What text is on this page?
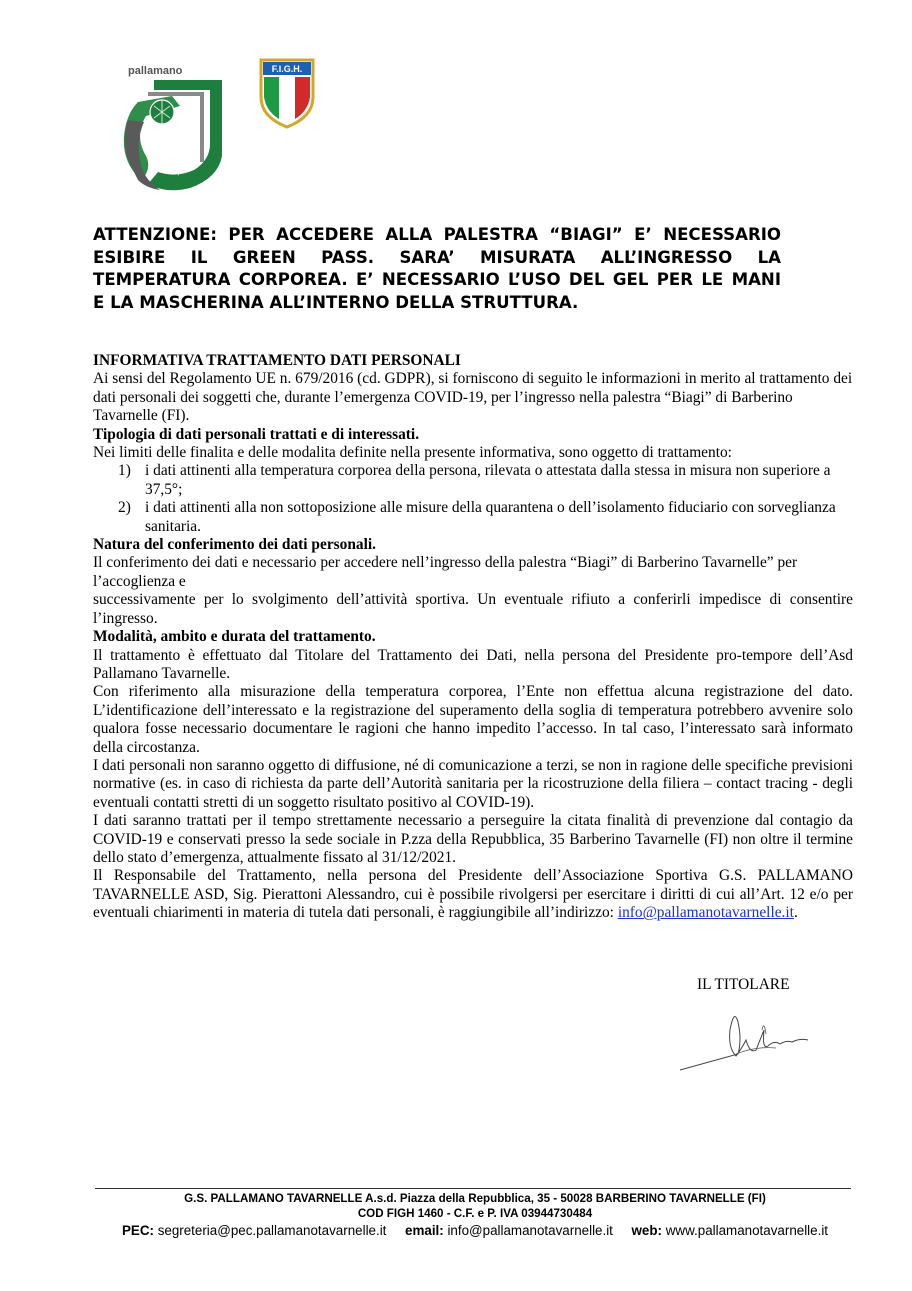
pallamano
TAVARNELLE
1983
F.I.G.H.
ATTENZIONE: PER ACCEDERE ALLA PALESTRA “BIAGI” E’ NECESSARIO
ESIBIRE IL GREEN PASS. SARA’ MISURATA ALL’INGRESSO LA
TEMPERATURA CORPOREA. E’ NECESSARIO L’USO DEL GEL PER LE MANI
E LA MASCHERINA ALL’INTERNO DELLA STRUTTURA.

INFORMATIVA TRATTAMENTO DATI PERSONALI

Ai sensi del Regolamento UE n. 679/2016 (cd. GDPR), si forniscono di seguito le informazioni in merito al trattamento dei dati personali dei soggetti che, durante l’emergenza COVID-19, per l’ingresso nella palestra “Biagi” di Barberino Tavarnelle (FI).

Tipologia di dati personali trattati e di interessati.

Nei limiti delle finalita e delle modalita definite nella presente informativa, sono oggetto di trattamento:

1) i dati attinenti alla temperatura corporea della persona, rilevata o attestata dalla stessa in misura non superiore a 37,5°;
2) i dati attinenti alla non sottoposizione alle misure della quarantena o dell’isolamento fiduciario con sorveglianza sanitaria.

Natura del conferimento dei dati personali.

Il conferimento dei dati e necessario per accedere nell’ingresso della palestra “Biagi” di Barberino Tavarnelle” per l’accoglienza e

successivamente per lo svolgimento dell’attività sportiva. Un eventuale rifiuto a conferirli impedisce di consentire l’ingresso.

Modalità, ambito e durata del trattamento.

Il trattamento è effettuato dal Titolare del Trattamento dei Dati, nella persona del Presidente pro-tempore dell’Asd Pallamano Tavarnelle.

Con riferimento alla misurazione della temperatura corporea, l’Ente non effettua alcuna registrazione del dato. L’identificazione dell’interessato e la registrazione del superamento della soglia di temperatura potrebbero avvenire solo qualora fosse necessario documentare le ragioni che hanno impedito l’accesso. In tal caso, l’interessato sarà informato della circostanza.

I dati personali non saranno oggetto di diffusione, né di comunicazione a terzi, se non in ragione delle specifiche previsioni normative (es. in caso di richiesta da parte dell’Autorità sanitaria per la ricostruzione della filiera – contact tracing - degli eventuali contatti stretti di un soggetto risultato positivo al COVID-19).

I dati saranno trattati per il tempo strettamente necessario a perseguire la citata finalità di prevenzione dal contagio da COVID-19 e conservati presso la sede sociale in P.zza della Repubblica, 35 Barberino Tavarnelle (FI) non oltre il termine dello stato d’emergenza, attualmente fissato al 31/12/2021.

Il Responsabile del Trattamento, nella persona del Presidente dell’Associazione Sportiva G.S. PALLAMANO TAVARNELLE ASD, Sig. Pierattoni Alessandro, cui è possibile rivolgersi per esercitare i diritti di cui all’Art. 12 e/o per eventuali chiarimenti in materia di tutela dati personali, è raggiungibile all’indirizzo: info@pallamanotavarnelle.it.

IL TITOLARE
G.S. PALLAMANO TAVARNELLE A.s.d. Piazza della Repubblica, 35 - 50028 BARBERINO TAVARNELLE (FI)
COD FIGH 1460 - C.F. e P. IVA 03944730484
PEC: segreteria@pec.pallamanotavarnelle.it email: info@pallamanotavarnelle.it web: www.pallamanotavarnelle.it
